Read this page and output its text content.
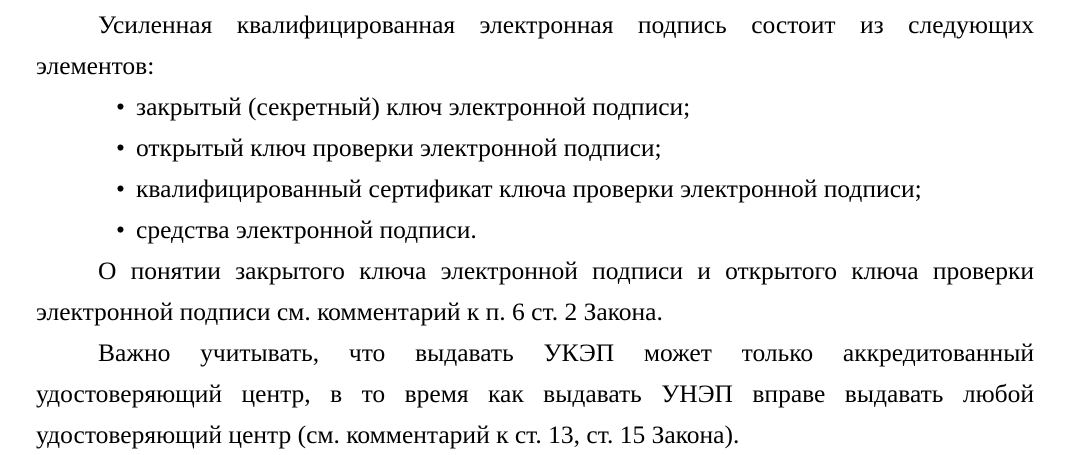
Усиленная квалифицированная электронная подпись состоит из следующих элементов:

• закрытый (секретный) ключ электронной подписи;
• открытый ключ проверки электронной подписи;
• квалифицированный сертификат ключа проверки электронной подписи;
• средства электронной подписи.

О понятии закрытого ключа электронной подписи и открытого ключа проверки электронной подписи см. комментарий к п. 6 ст. 2 Закона.

Важно учитывать, что выдавать УКЭП может только аккредитованный удостоверяющий центр, в то время как выдавать УНЭП вправе выдавать любой удостоверяющий центр (см. комментарий к ст. 13, ст. 15 Закона).
